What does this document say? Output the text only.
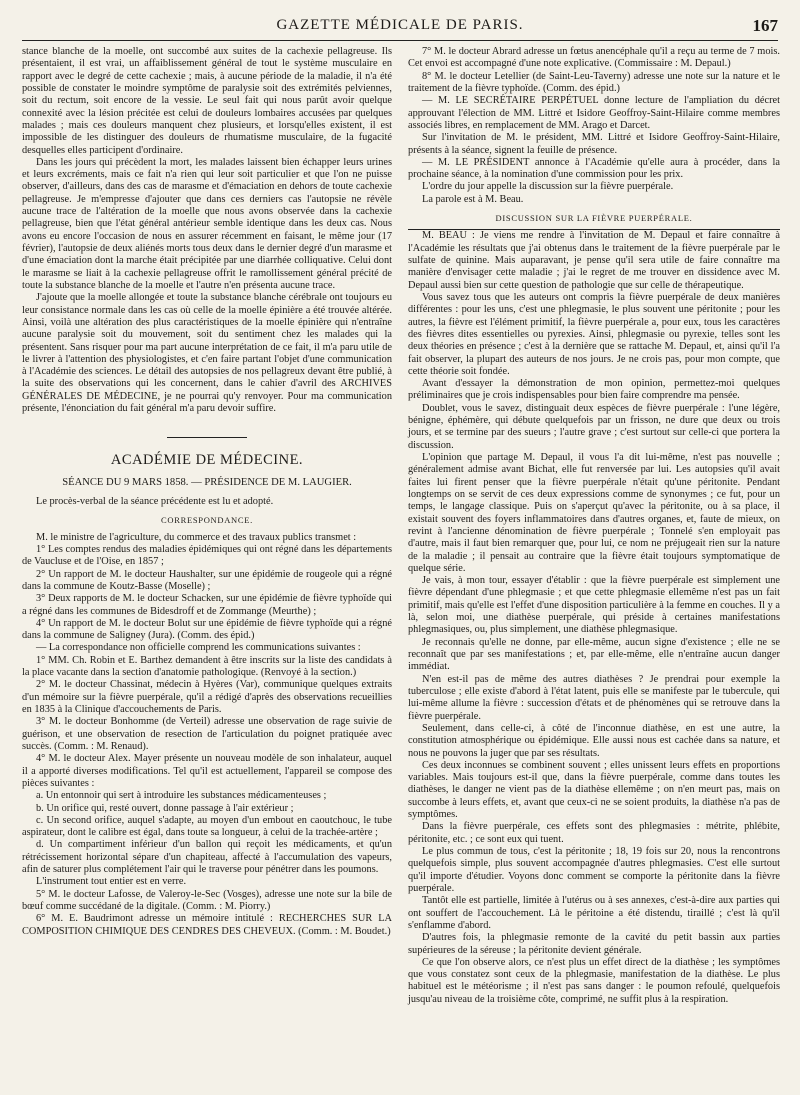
GAZETTE MÉDICALE DE PARIS.	167

stance blanche de la moelle, ont succombé aux suites de la cachexie pellagreuse. Ils présentaient, il est vrai, un affaiblissement général de tout le système musculaire en rapport avec le degré de cette cachexie ; mais, à aucune période de la maladie, il n'a été possible de constater le moindre symptôme de paralysie soit des extrémités pelviennes, soit du rectum, soit encore de la vessie. Le seul fait qui nous parût avoir quelque connexité avec la lésion précitée est celui de douleurs lombaires accusées par quelques malades ; mais ces douleurs manquent chez plusieurs, et lorsqu'elles existent, il est impossible de les distinguer des douleurs de rhumatisme musculaire, de la fugacité desquelles elles participent d'ordinaire.

Dans les jours qui précèdent la mort, les malades laissent bien échapper leurs urines et leurs excréments, mais ce fait n'a rien qui leur soit particulier et que l'on ne puisse observer, d'ailleurs, dans des cas de marasme et d'émaciation en dehors de toute cachexie pellagreuse. Je m'empresse d'ajouter que dans ces derniers cas l'autopsie ne révèle aucune trace de l'altération de la moelle que nous avons observée dans la cachexie pellagreuse, bien que l'état général antérieur semble identique dans les deux cas. Nous avons eu encore l'occasion de nous en assurer récemment en faisant, le même jour (17 février), l'autopsie de deux aliénés morts tous deux dans le dernier degré d'un marasme et d'une émaciation dont la marche était précipitée par une diarrhée colliquative. Celui dont le marasme se liait à la cachexie pellagreuse offrit le ramollissement général précité de toute la substance blanche de la moelle et l'autre n'en présenta aucune trace.

J'ajoute que la moelle allongée et toute la substance blanche cérébrale ont toujours eu leur consistance normale dans les cas où celle de la moelle épinière a été trouvée altérée. Ainsi, voilà une altération des plus caractéristiques de la moelle épinière qui n'entraîne aucune paralysie soit du mouvement, soit du sentiment chez les malades qui la présentent. Sans risquer pour ma part aucune interprétation de ce fait, il m'a paru utile de le livrer à l'attention des physiologistes, et c'en faire partant l'objet d'une communication à l'Académie des sciences. Le détail des autopsies de nos pellagreux devant être publié, à la suite des observations qui les concernent, dans le cahier d'avril des ARCHIVES GÉNÉRALES DE MÉDECINE, je ne pourrai qu'y renvoyer. Pour ma communication présente, l'énonciation du fait général m'a paru devoir suffire.

ACADÉMIE DE MÉDECINE.
SÉANCE DU 9 MARS 1858. — PRÉSIDENCE DE M. LAUGIER.

Le procès-verbal de la séance précédente est lu et adopté.

CORRESPONDANCE.

M. le ministre de l'agriculture, du commerce et des travaux publics transmet :

1° Les comptes rendus des maladies épidémiques qui ont régné dans les départements de Vaucluse et de l'Oise, en 1857 ;

2° Un rapport de M. le docteur Haushalter, sur une épidémie de rougeole qui a régné dans la commune de Koutz-Basse (Moselle) ;

3° Deux rapports de M. le docteur Schacken, sur une épidémie de fièvre typhoïde qui a régné dans les communes de Bidesdroff et de Zommange (Meurthe) ;

4° Un rapport de M. le docteur Bolut sur une épidémie de fièvre typhoïde qui a régné dans la commune de Saligney (Jura). (Comm. des épid.)

— La correspondance non officielle comprend les communications suivantes :

1° MM. Ch. Robin et E. Barthez demandent à être inscrits sur la liste des candidats à la place vacante dans la section d'anatomie pathologique. (Renvoyé à la section.)

2° M. le docteur Chassinat, médecin à Hyères (Var), communique quelques extraits d'un mémoire sur la fièvre puerpérale, qu'il a rédigé d'après des observations recueillies en 1835 à la Clinique d'accouchements de Paris.

3° M. le docteur Bonhomme (de Verteil) adresse une observation de rage suivie de guérison, et une observation de resection de l'articulation du poignet pratiquée avec succès. (Comm. : M. Renaud).

4° M. le docteur Alex. Mayer présente un nouveau modèle de son inhalateur, auquel il a apporté diverses modifications. Tel qu'il est actuellement, l'appareil se compose des pièces suivantes :

a. Un entonnoir qui sert à introduire les substances médicamenteuses ;

b. Un orifice qui, resté ouvert, donne passage à l'air extérieur ;

c. Un second orifice, auquel s'adapte, au moyen d'un embout en caoutchouc, le tube aspirateur, dont le calibre est égal, dans toute sa longueur, à celui de la trachée-artère ;

d. Un compartiment inférieur d'un ballon qui reçoit les médicaments, et qu'un rétrécissement horizontal sépare d'un chapiteau, affecté à l'accumulation des vapeurs, afin de saturer plus complétement l'air qui le traverse pour pénétrer dans les poumons.

L'instrument tout entier est en verre.

5° M. le docteur Lafosse, de Valeroy-le-Sec (Vosges), adresse une note sur la bile de bœuf comme succédané de la digitale. (Comm. : M. Piorry.)

6° M. E. Baudrimont adresse un mémoire intitulé : RECHERCHES SUR LA COMPOSITION CHIMIQUE DES CENDRES DES CHEVEUX. (Comm. : M. Boudet.)

7° M. le docteur Abrard adresse un fœtus anencéphale qu'il a reçu au terme de 7 mois. Cet envoi est accompagné d'une note explicative. (Commissaire : M. Depaul.)

8° M. le docteur Letellier (de Saint-Leu-Taverny) adresse une note sur la nature et le traitement de la fièvre typhoïde. (Comm. des épid.)

— M. LE SECRÉTAIRE PERPÉTUEL donne lecture de l'ampliation du décret approuvant l'élection de MM. Littré et Isidore Geoffroy-Saint-Hilaire comme membres associés libres, en remplacement de MM. Arago et Darcet.

Sur l'invitation de M. le président, MM. Littré et Isidore Geoffroy-Saint-Hilaire, présents à la séance, signent la feuille de présence.

— M. LE PRÉSIDENT annonce à l'Académie qu'elle aura à procéder, dans la prochaine séance, à la nomination d'une commission pour les prix.

L'ordre du jour appelle la discussion sur la fièvre puerpérale.

La parole est à M. Beau.

DISCUSSION SUR LA FIÈVRE PUERPÉRALE.

M. BEAU : Je viens me rendre à l'invitation de M. Depaul et faire connaître à l'Académie les résultats que j'ai obtenus dans le traitement de la fièvre puerpérale par le sulfate de quinine. Mais auparavant, je pense qu'il sera utile de faire connaître ma manière d'envisager cette maladie ; j'ai le regret de me trouver en dissidence avec M. Depaul aussi bien sur cette question de pathologie que sur celle de thérapeutique.

Vous savez tous que les auteurs ont compris la fièvre puerpérale de deux manières différentes : pour les uns, c'est une phlegmasie, le plus souvent une péritonite ; pour les autres, la fièvre est l'élément primitif, la fièvre puerpérale a, pour eux, tous les caractères des fièvres dites essentielles ou pyrexies. Ainsi, phlegmasie ou pyrexie, telles sont les deux théories en présence ; c'est à la dernière que se rattache M. Depaul, et, ainsi qu'il l'a fait observer, la plupart des auteurs de nos jours. Je ne crois pas, pour mon compte, que cette théorie soit fondée.

Avant d'essayer la démonstration de mon opinion, permettez-moi quelques préliminaires que je crois indispensables pour bien faire comprendre ma pensée.

Doublet, vous le savez, distinguait deux espèces de fièvre puerpérale : l'une légère, bénigne, éphémère, qui débute quelquefois par un frisson, ne dure que deux ou trois jours, et se termine par des sueurs ; l'autre grave ; c'est surtout sur celle-ci que portera la discussion.

L'opinion que partage M. Depaul, il vous l'a dit lui-même, n'est pas nouvelle ; généralement admise avant Bichat, elle fut renversée par lui. Les autopsies qu'il avait faites lui firent penser que la fièvre puerpérale n'était qu'une péritonite. Pendant longtemps on se servit de ces deux expressions comme de synonymes ; ce fut, pour un temps, le langage classique. Puis on s'aperçut qu'avec la péritonite, ou à sa place, il existait souvent des foyers inflammatoires dans d'autres organes, et, faute de mieux, on revint à l'ancienne dénomination de fièvre puerpérale ; Tonnelé s'en employait pas d'autre, mais il faut bien remarquer que, pour lui, ce nom ne préjugeait rien sur la nature de la maladie ; il pensait au contraire que la fièvre était toujours symptomatique de quelque série.

Je vais, à mon tour, essayer d'établir : que la fièvre puerpérale est simplement une fièvre dépendant d'une phlegmasie ; et que cette phlegmasie ellemême n'est pas un fait primitif, mais qu'elle est l'effet d'une disposition particulière à la femme en couches. Il y a là, selon moi, une diathèse puerpérale, qui préside à certaines manifestations phlegmasiques, ou, plus simplement, une diathèse phlegmasique.

Je reconnais qu'elle ne donne, par elle-même, aucun signe d'existence ; elle ne se reconnaît que par ses manifestations ; et, par elle-même, elle n'entraîne aucun danger immédiat.

N'en est-il pas de même des autres diathèses ? Je prendrai pour exemple la tuberculose ; elle existe d'abord à l'état latent, puis elle se manifeste par le tubercule, qui lui-même allume la fièvre : succession d'états et de phénomènes qui se retrouve dans la fièvre puerpérale.

Seulement, dans celle-ci, à côté de l'inconnue diathèse, en est une autre, la constitution atmosphérique ou épidémique. Elle aussi nous est cachée dans sa nature, et nous ne pouvons la juger que par ses résultats.

Ces deux inconnues se combinent souvent ; elles unissent leurs effets en proportions variables. Mais toujours est-il que, dans la fièvre puerpérale, comme dans toutes les diathèses, le danger ne vient pas de la diathèse ellemême ; on n'en meurt pas, mais on succombe à leurs effets, et, avant que ceux-ci ne se soient produits, la diathèse n'a pas de symptômes.

Dans la fièvre puerpérale, ces effets sont des phlegmasies : métrite, phlébite, péritonite, etc. ; ce sont eux qui tuent.

Le plus commun de tous, c'est la péritonite ; 18, 19 fois sur 20, nous la rencontrons quelquefois simple, plus souvent accompagnée d'autres phlegmasies. C'est elle surtout qu'il importe d'étudier. Voyons donc comment se comporte la péritonite dans la fièvre puerpérale.

Tantôt elle est partielle, limitée à l'utérus ou à ses annexes, c'est-à-dire aux parties qui ont souffert de l'accouchement. Là le péritoine a été distendu, tiraillé ; c'est là qu'il s'enflamme d'abord.

D'autres fois, la phlegmasie remonte de la cavité du petit bassin aux parties supérieures de la séreuse ; la péritonite devient générale.

Ce que l'on observe alors, ce n'est plus un effet direct de la diathèse ; les symptômes que vous constatez sont ceux de la phlegmasie, manifestation de la diathèse. Le plus habituel est le météorisme ; il n'est pas sans danger : le poumon refoulé, quelquefois jusqu'au niveau de la troisième côte, comprimé, ne suffit plus à la respiration.
